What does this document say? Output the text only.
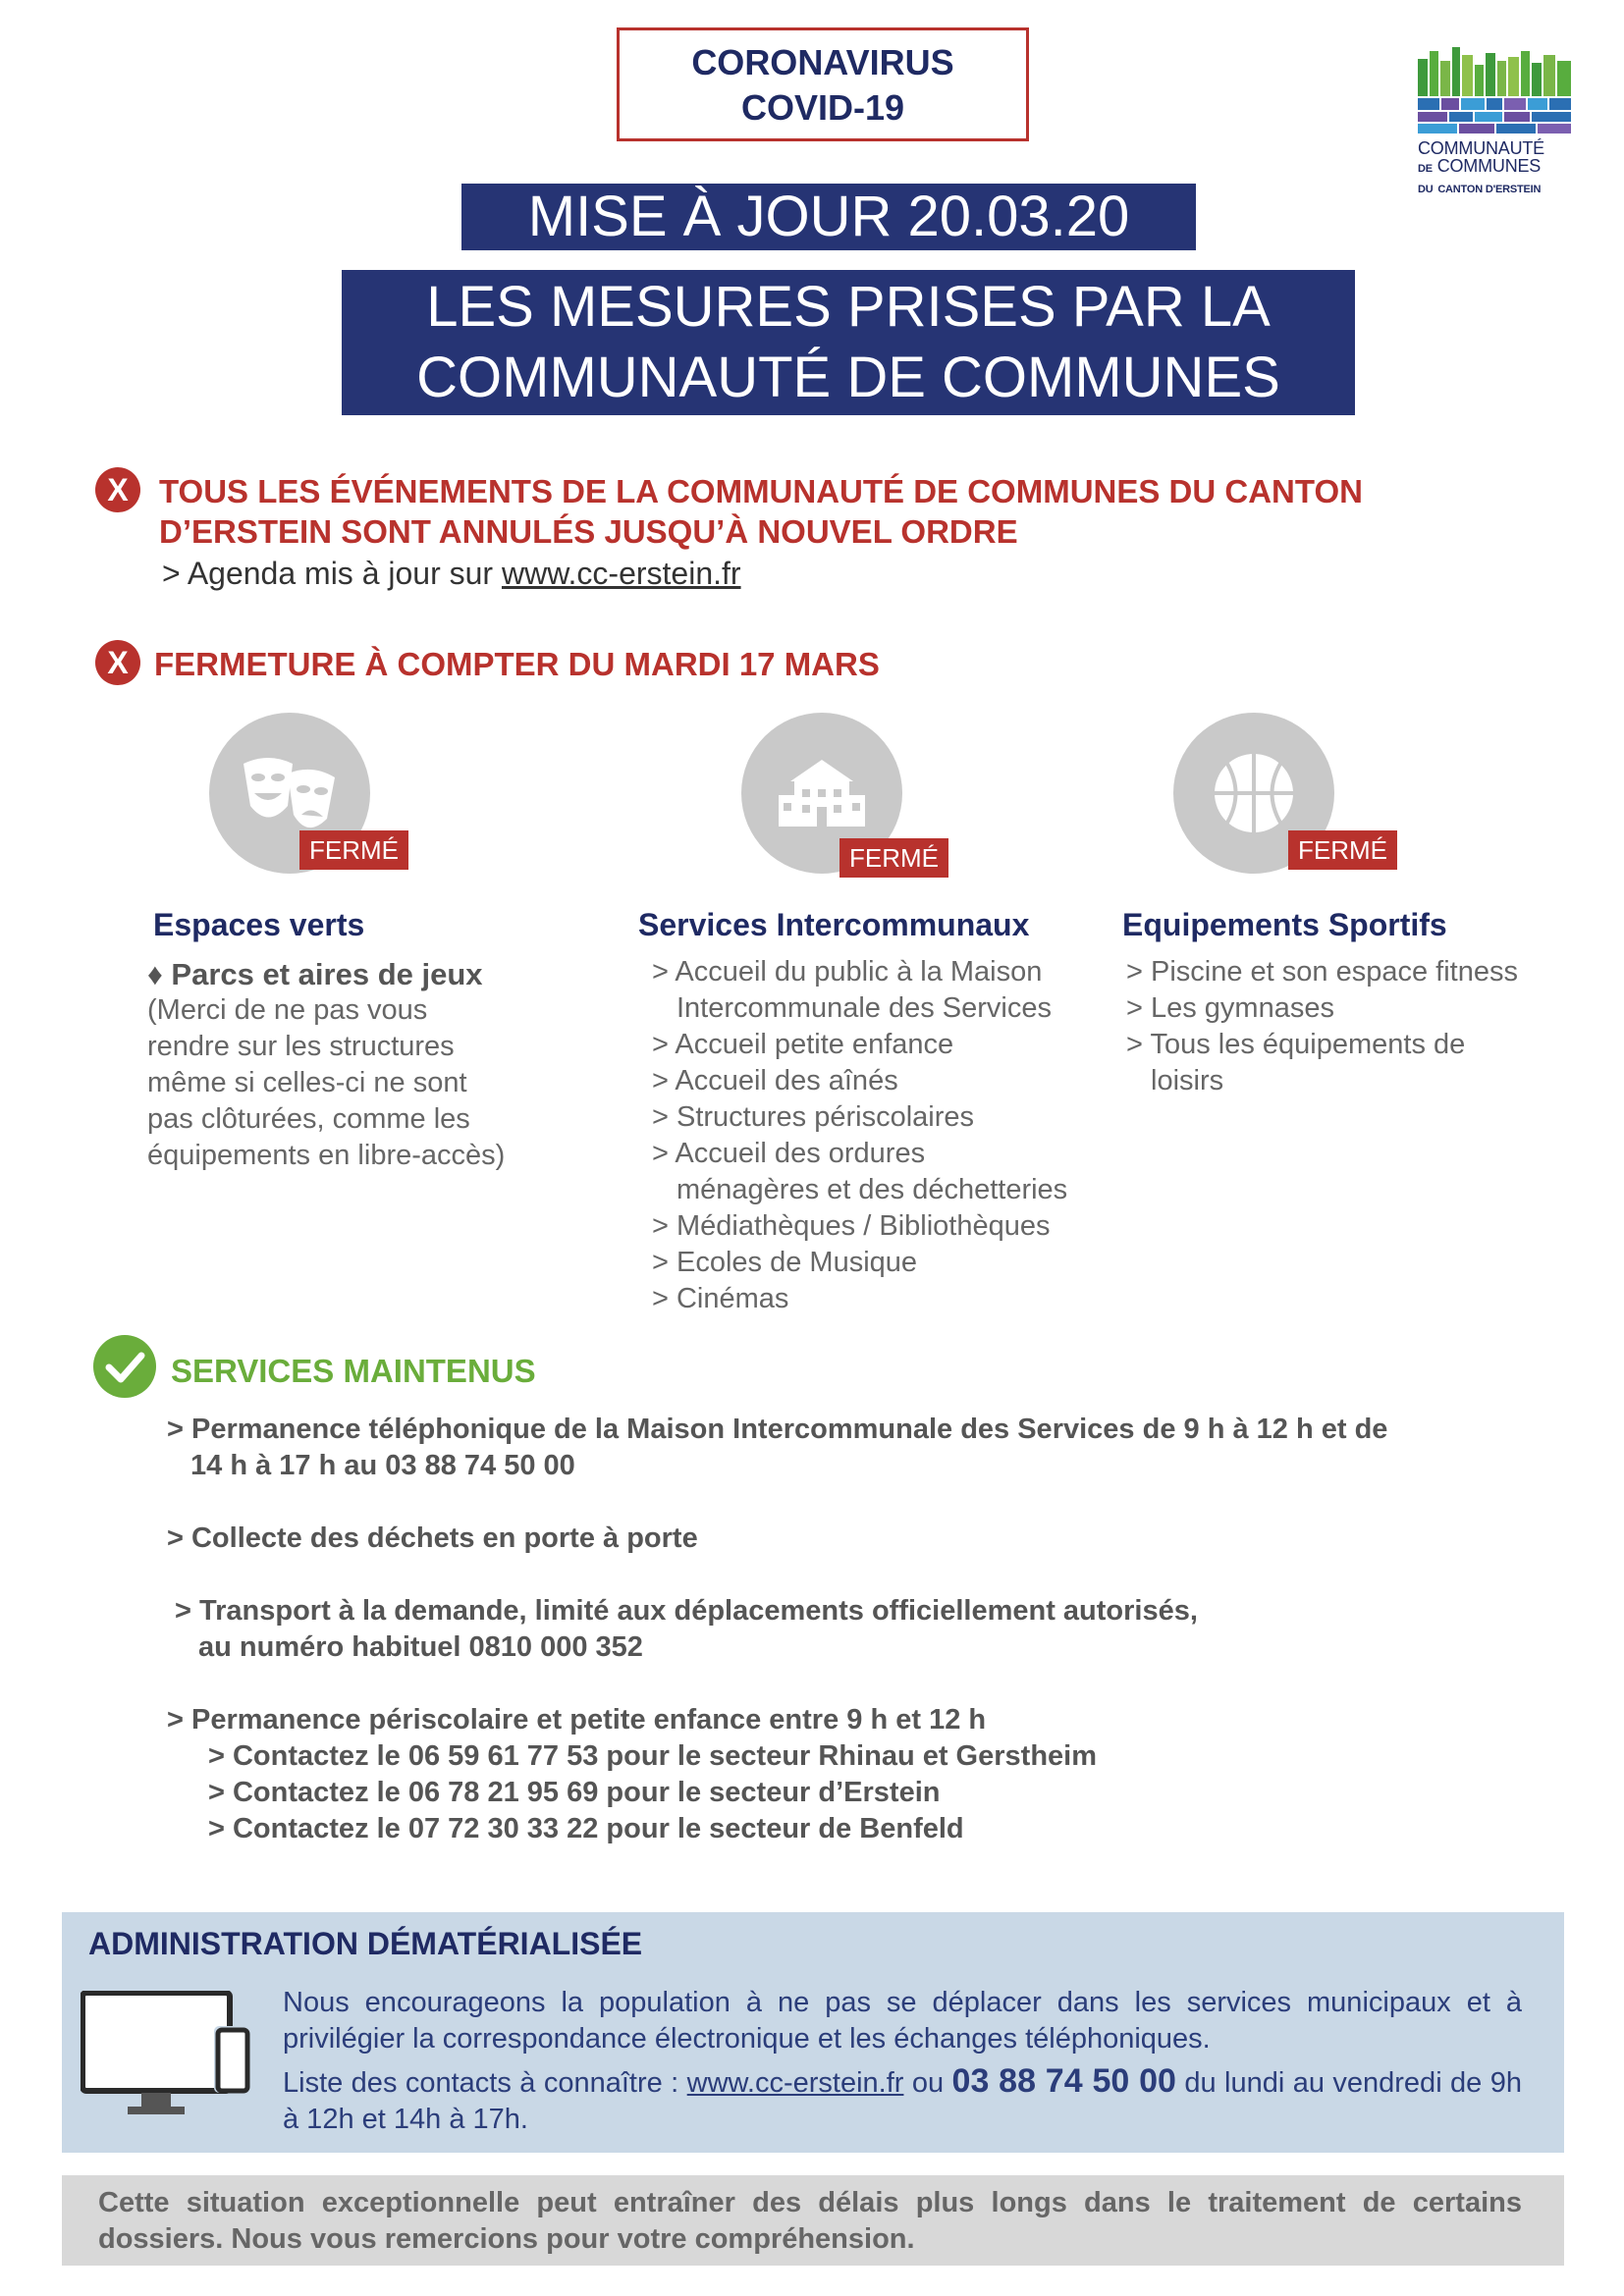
CORONAVIRUS
COVID-19
COMMUNAUTÉ
DE COMMUNES
DU CANTON D'ERSTEIN
MISE À JOUR 20.03.20
LES MESURES PRISES PAR LA
COMMUNAUTÉ DE COMMUNES
X TOUS LES ÉVÉNEMENTS DE LA COMMUNAUTÉ DE COMMUNES DU CANTON
D’ERSTEIN SONT ANNULÉS JUSQU’À NOUVEL ORDRE
> Agenda mis à jour sur www.cc-erstein.fr
X FERMETURE À COMPTER DU MARDI 17 MARS
FERMÉ	FERMÉ	FERMÉ
Espaces verts
♦ Parcs et aires de jeux
(Merci de ne pas vous
rendre sur les structures
même si celles-ci ne sont
pas clôturées, comme les
équipements en libre-accès)
Services Intercommunaux
> Accueil du public à la Maison
Intercommunale des Services
> Accueil petite enfance
> Accueil des aînés
> Structures périscolaires
> Accueil des ordures
ménagères et des déchetteries
> Médiathèques / Bibliothèques
> Ecoles de Musique
> Cinémas
Equipements Sportifs
> Piscine et son espace fitness
> Les gymnases
> Tous les équipements de
loisirs
SERVICES MAINTENUS
> Permanence téléphonique de la Maison Intercommunale des Services de 9 h à 12 h et de
14 h à 17 h au 03 88 74 50 00
> Collecte des déchets en porte à porte
> Transport à la demande, limité aux déplacements officiellement autorisés,
au numéro habituel 0810 000 352
> Permanence périscolaire et petite enfance entre 9 h et 12 h
> Contactez le 06 59 61 77 53 pour le secteur Rhinau et Gerstheim
> Contactez le 06 78 21 95 69 pour le secteur d’Erstein
> Contactez le 07 72 30 33 22 pour le secteur de Benfeld
ADMINISTRATION DÉMATÉRIALISÉE
Nous encourageons la population à ne pas se déplacer dans les services municipaux et à privilégier la correspondance électronique et les échanges téléphoniques.
Liste des contacts à connaître : www.cc-erstein.fr ou 03 88 74 50 00 du lundi au vendredi de 9h à 12h et 14h à 17h.
Cette situation exceptionnelle peut entraîner des délais plus longs dans le traitement de certains dossiers. Nous vous remercions pour votre compréhension.
